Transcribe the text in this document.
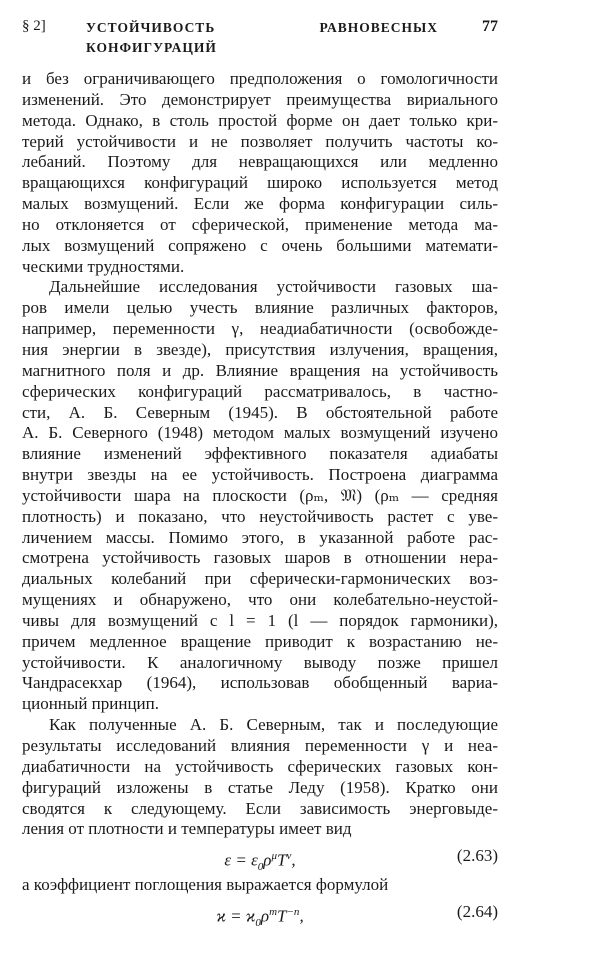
§ 2]	УСТОЙЧИВОСТЬ РАВНОВЕСНЫХ КОНФИГУРАЦИЙ
77
и без ограничивающего предположения о гомологичности
изменений. Это демонстрирует преимущества вириального
метода. Однако, в столь простой форме он дает только кри-
терий устойчивости и не позволяет получить частоты ко-
лебаний. Поэтому для невращающихся или медленно
вращающихся конфигураций широко используется метод
малых возмущений. Если же форма конфигурации силь-
но отклоняется от сферической, применение метода ма-
лых возмущений сопряжено с очень большими математи-
ческими трудностями.
Дальнейшие исследования устойчивости газовых ша-
ров имели целью учесть влияние различных факторов,
например, переменности γ, неадиабатичности (освобожде-
ния энергии в звезде), присутствия излучения, вращения,
магнитного поля и др. Влияние вращения на устойчивость
сферических конфигураций рассматривалось, в частно-
сти, А. Б. Северным (1945). В обстоятельной работе
А. Б. Северного (1948) методом малых возмущений изучено
влияние изменений эффективного показателя адиабаты
внутри звезды на ее устойчивость. Построена диаграмма
устойчивости шара на плоскости (ρₘ, 𝔐) (ρₘ — средняя
плотность) и показано, что неустойчивость растет с уве-
личением массы. Помимо этого, в указанной работе рас-
смотрена устойчивость газовых шаров в отношении нера-
диальных колебаний при сферически-гармонических воз-
мущениях и обнаружено, что они колебательно-неустой-
чивы для возмущений с l = 1 (l — порядок гармоники),
причем медленное вращение приводит к возрастанию не-
устойчивости. К аналогичному выводу позже пришел
Чандрасекхар (1964), использовав обобщенный вариа-
ционный принцип.
Как полученные А. Б. Северным, так и последующие
результаты исследований влияния переменности γ и неа-
диабатичности на устойчивость сферических газовых кон-
фигураций изложены в статье Леду (1958). Кратко они
сводятся к следующему. Если зависимость энерговыде-
ления от плотности и температуры имеет вид
$\varepsilon = \varepsilon_0\rho^\mu T^\nu$,	(2.63)
а коэффициент поглощения выражается формулой
$ϰ = ϰ_0\rho^mT^{-n}$,	(2.64)
